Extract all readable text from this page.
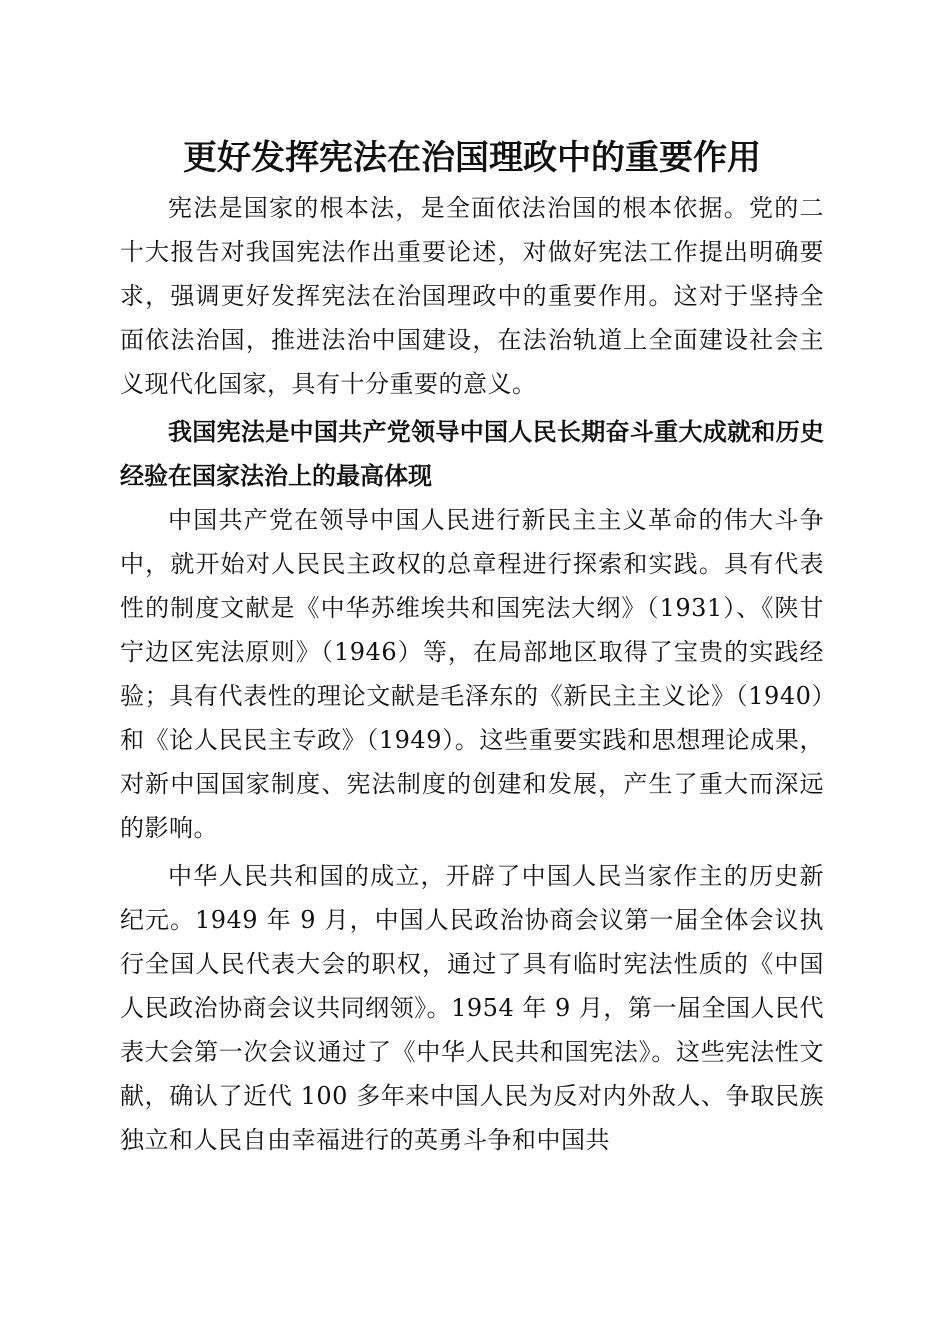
更好发挥宪法在治国理政中的重要作用

宪法是国家的根本法，是全面依法治国的根本依据。党的二十大报告对我国宪法作出重要论述，对做好宪法工作提出明确要求，强调更好发挥宪法在治国理政中的重要作用。这对于坚持全面依法治国，推进法治中国建设，在法治轨道上全面建设社会主义现代化国家，具有十分重要的意义。

我国宪法是中国共产党领导中国人民长期奋斗重大成就和历史经验在国家法治上的最高体现

中国共产党在领导中国人民进行新民主主义革命的伟大斗争中，就开始对人民民主政权的总章程进行探索和实践。具有代表性的制度文献是《中华苏维埃共和国宪法大纲》（1931）、《陕甘宁边区宪法原则》（1946）等，在局部地区取得了宝贵的实践经验；具有代表性的理论文献是毛泽东的《新民主主义论》（1940）和《论人民民主专政》（1949）。这些重要实践和思想理论成果，对新中国国家制度、宪法制度的创建和发展，产生了重大而深远的影响。

中华人民共和国的成立，开辟了中国人民当家作主的历史新纪元。1949 年 9 月，中国人民政治协商会议第一届全体会议执行全国人民代表大会的职权，通过了具有临时宪法性质的《中国人民政治协商会议共同纲领》。1954 年 9 月，第一届全国人民代表大会第一次会议通过了《中华人民共和国宪法》。这些宪法性文献，确认了近代 100 多年来中国人民为反对内外敌人、争取民族独立和人民自由幸福进行的英勇斗争和中国共
